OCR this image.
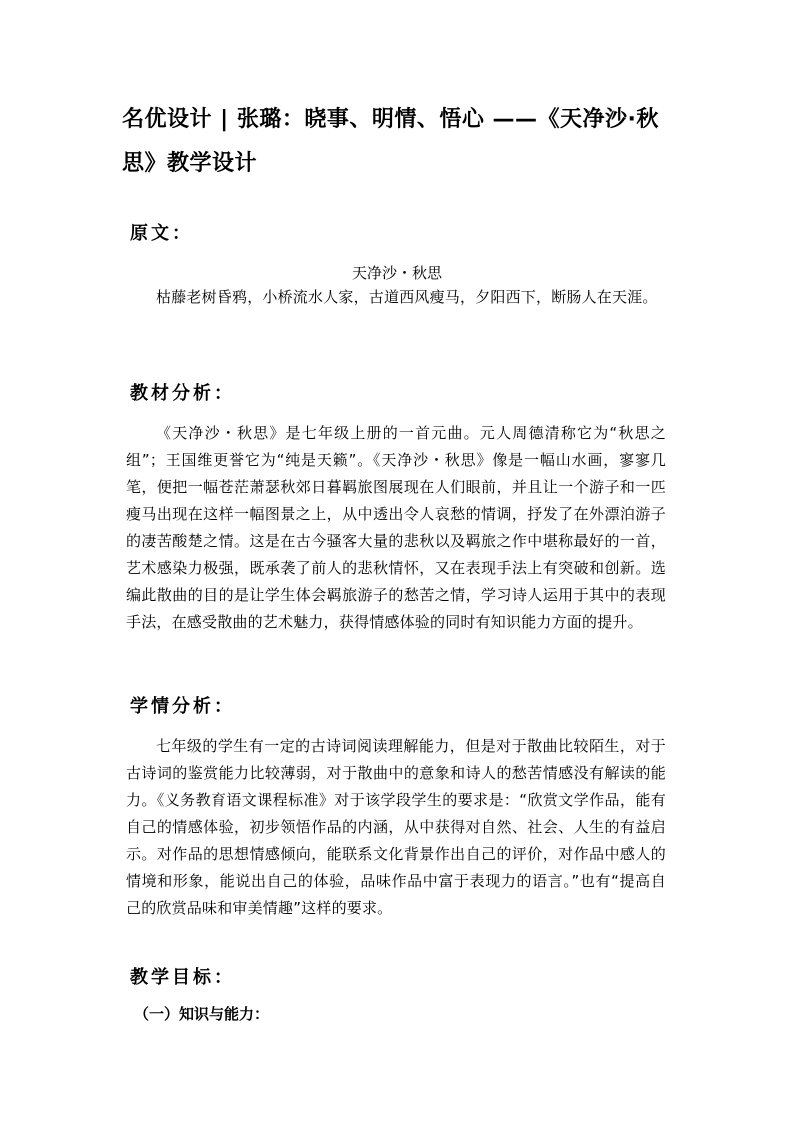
名优设计 | 张璐：晓事、明情、悟心 ——《天净沙·秋思》教学设计
原文：

天净沙・秋思

枯藤老树昏鸦，小桥流水人家，古道西风瘦马，夕阳西下，断肠人在天涯。

教材分析：

《天净沙・秋思》是七年级上册的一首元曲。元人周德清称它为“秋思之组”；王国维更誉它为“纯是天籁”。《天净沙・秋思》像是一幅山水画，寥寥几笔，便把一幅苍茫萧瑟秋郊日暮羁旅图展现在人们眼前，并且让一个游子和一匹瘦马出现在这样一幅图景之上，从中透出令人哀愁的情调，抒发了在外漂泊游子的凄苦酸楚之情。这是在古今骚客大量的悲秋以及羁旅之作中堪称最好的一首，艺术感染力极强，既承袭了前人的悲秋情怀，又在表现手法上有突破和创新。选编此散曲的目的是让学生体会羁旅游子的愁苦之情，学习诗人运用于其中的表现手法，在感受散曲的艺术魅力，获得情感体验的同时有知识能力方面的提升。

学情分析：

七年级的学生有一定的古诗词阅读理解能力，但是对于散曲比较陌生，对于古诗词的鉴赏能力比较薄弱，对于散曲中的意象和诗人的愁苦情感没有解读的能力。《义务教育语文课程标准》对于该学段学生的要求是：“欣赏文学作品，能有自己的情感体验，初步领悟作品的内涵，从中获得对自然、社会、人生的有益启示。对作品的思想情感倾向，能联系文化背景作出自己的评价，对作品中感人的情境和形象，能说出自己的体验，品味作品中富于表现力的语言。”也有“提高自己的欣赏品味和审美情趣”这样的要求。

教学目标：

（一）知识与能力：
